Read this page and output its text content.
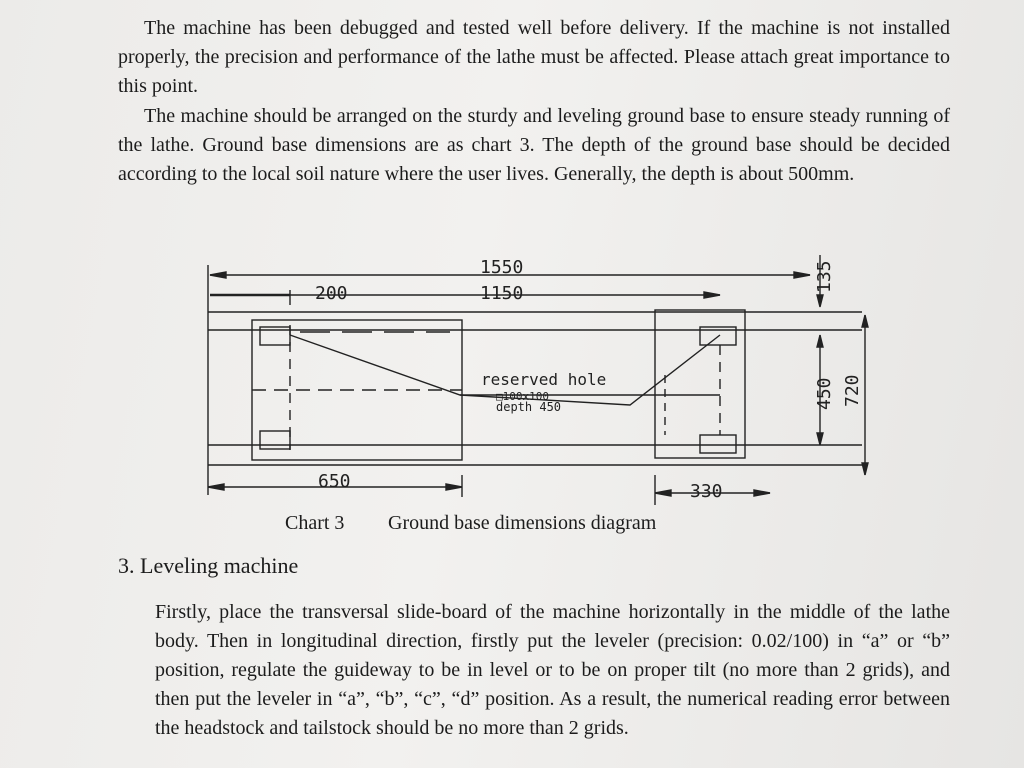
The machine has been debugged and tested well before delivery. If the machine is not installed properly, the precision and performance of the lathe must be affected. Please attach great importance to this point.

The machine should be arranged on the sturdy and leveling ground base to ensure steady running of the lathe. Ground base dimensions are as chart 3. The depth of the ground base should be decided according to the local soil nature where the user lives. Generally, the depth is about 500mm.

1550
1150
200
650	330
reserved hole
□100x100
depth 450
135
450 720
Chart 3 Ground base dimensions diagram
3. Leveling machine

Firstly, place the transversal slide-board of the machine horizontally in the middle of the lathe body. Then in longitudinal direction, firstly put the leveler (precision: 0.02/100) in “a” or “b” position, regulate the guideway to be in level or to be on proper tilt (no more than 2 grids), and then put the leveler in “a”, “b”, “c”, “d” position. As a result, the numerical reading error between the headstock and tailstock should be no more than 2 grids.
